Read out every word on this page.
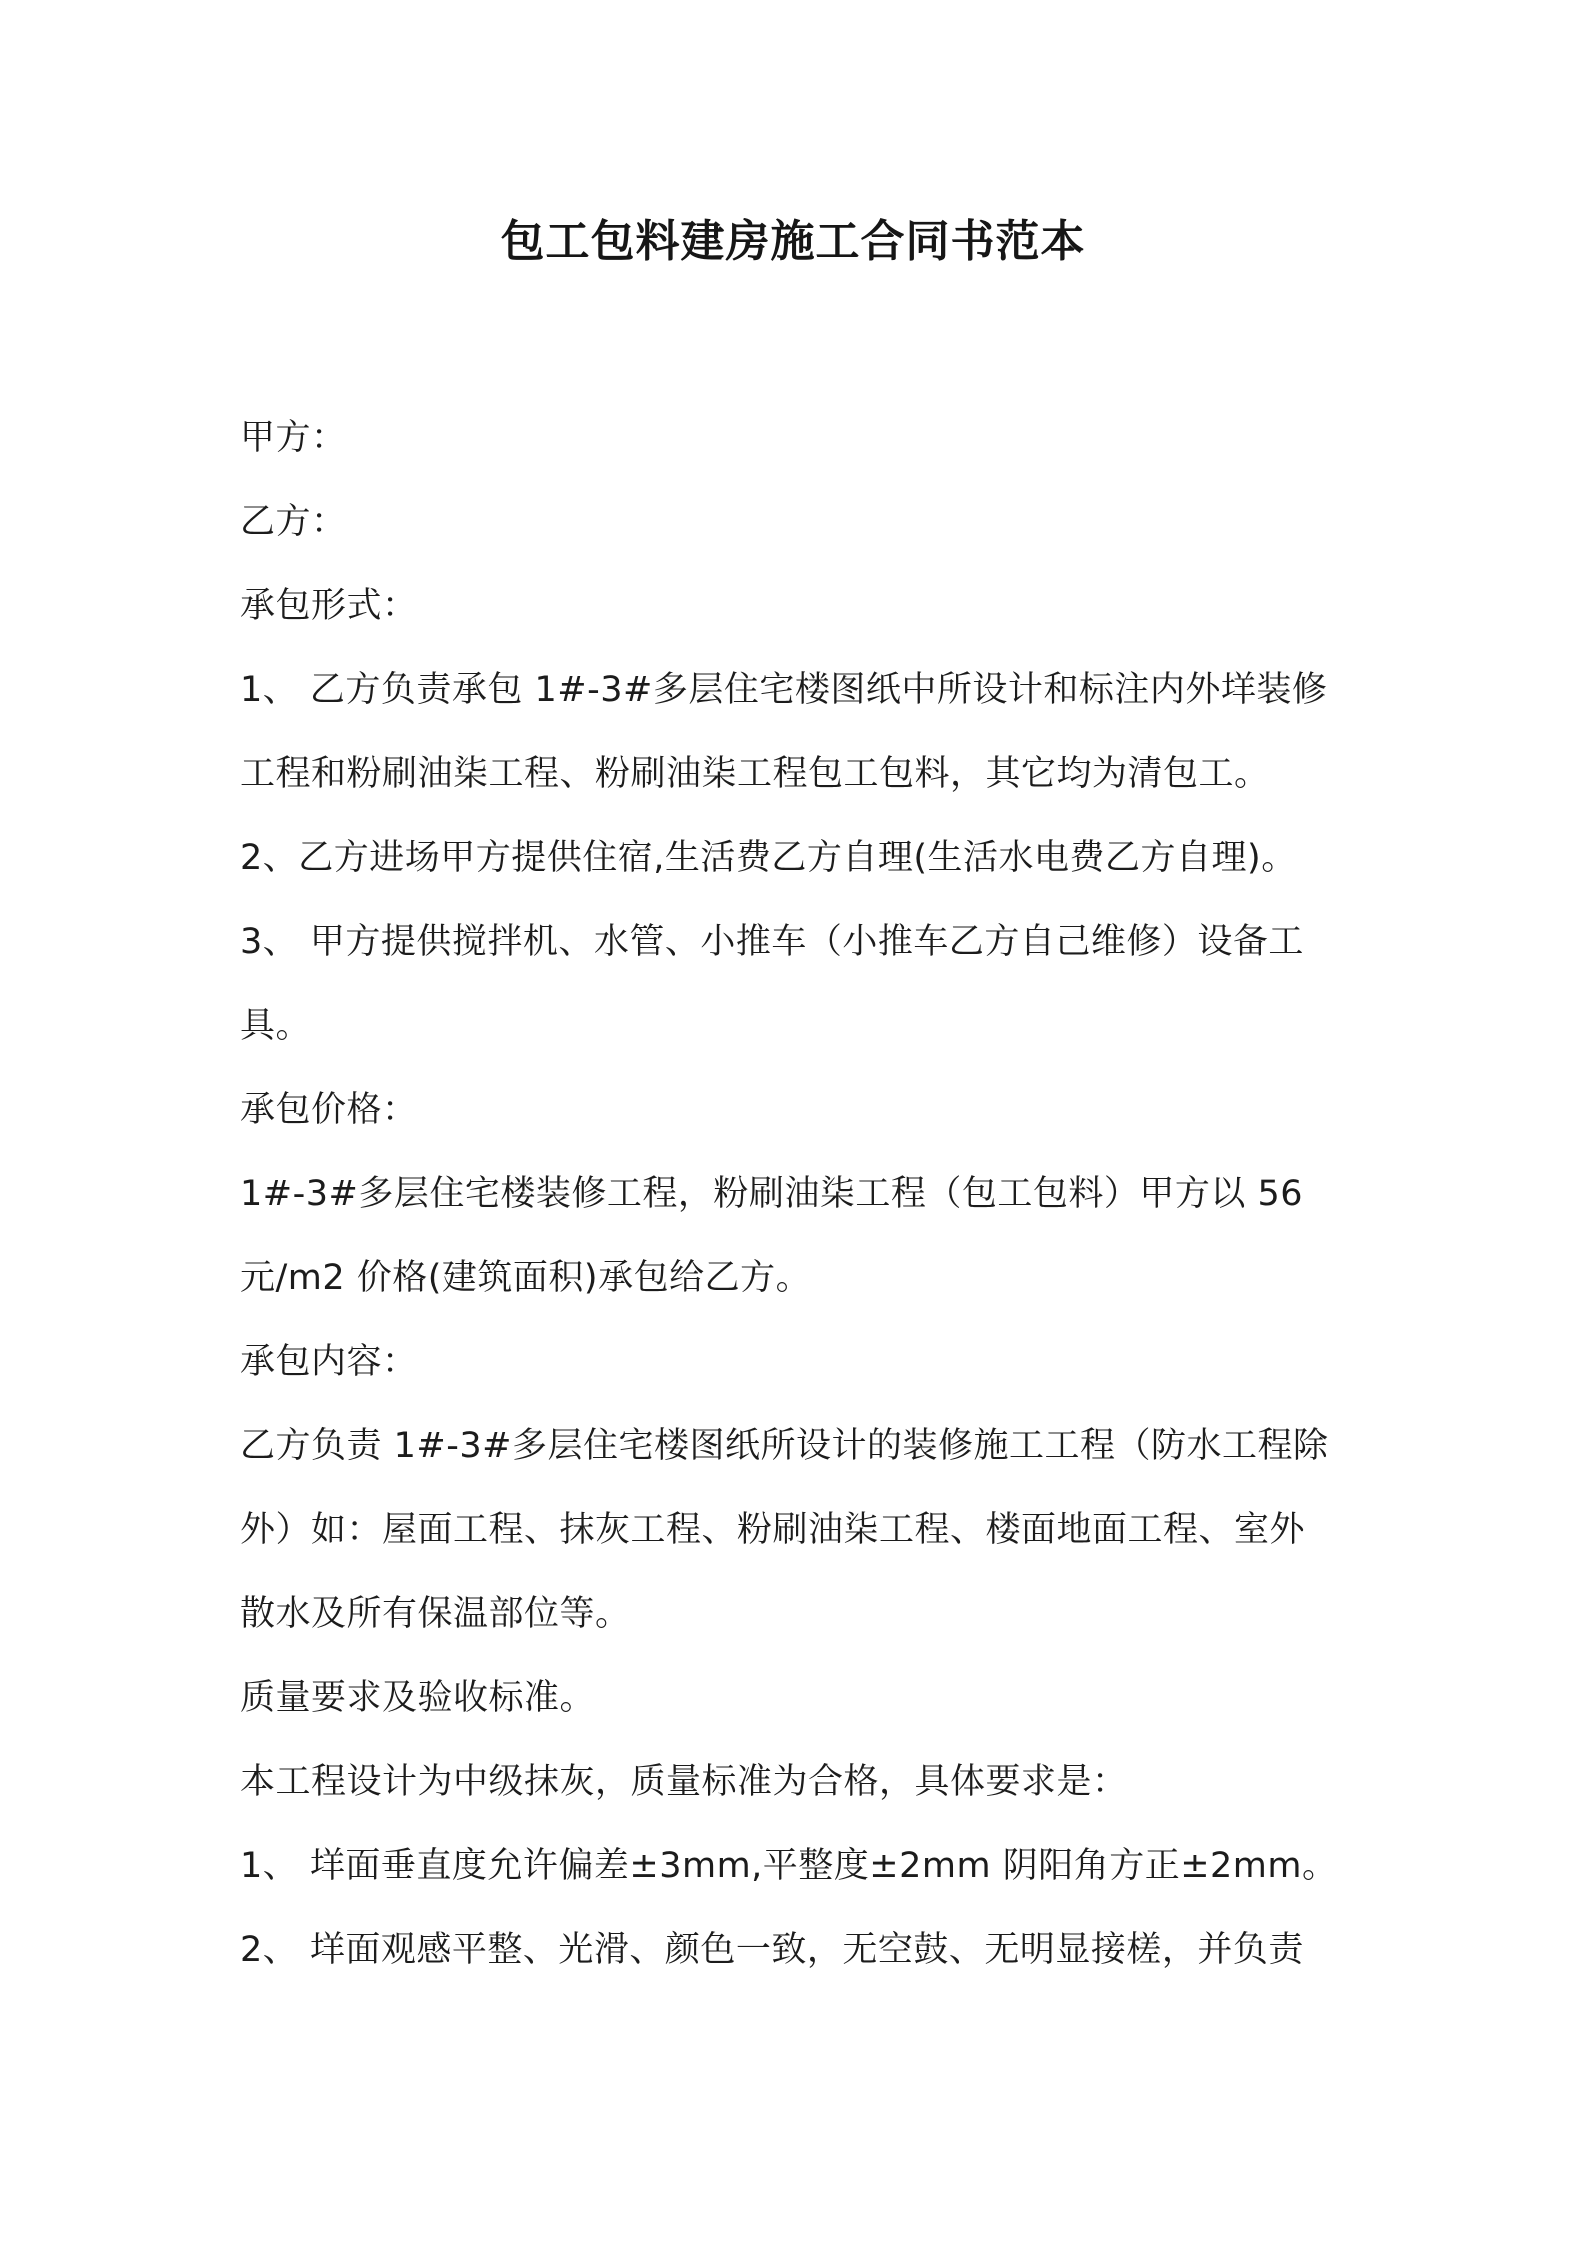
包工包料建房施工合同书范本
甲方：
乙方：
承包形式：
1、 乙方负责承包 1#-3#多层住宅楼图纸中所设计和标注内外垟装修
工程和粉刷油柒工程、粉刷油柒工程包工包料，其它均为清包工。
2、乙方进场甲方提供住宿,生活费乙方自理(生活水电费乙方自理)。
3、 甲方提供搅拌机、水管、小推车（小推车乙方自己维修）设备工
具。
承包价格：
1#-3#多层住宅楼装修工程，粉刷油柒工程（包工包料）甲方以 56
元/m2 价格(建筑面积)承包给乙方。
承包内容：
乙方负责 1#-3#多层住宅楼图纸所设计的装修施工工程（防水工程除
外）如：屋面工程、抹灰工程、粉刷油柒工程、楼面地面工程、室外
散水及所有保温部位等。
质量要求及验收标准。
本工程设计为中级抹灰，质量标准为合格，具体要求是：
1、 垟面垂直度允许偏差±3mm,平整度±2mm 阴阳角方正±2mm。
2、 垟面观感平整、光滑、颜色一致，无空鼓、无明显接槎，并负责
